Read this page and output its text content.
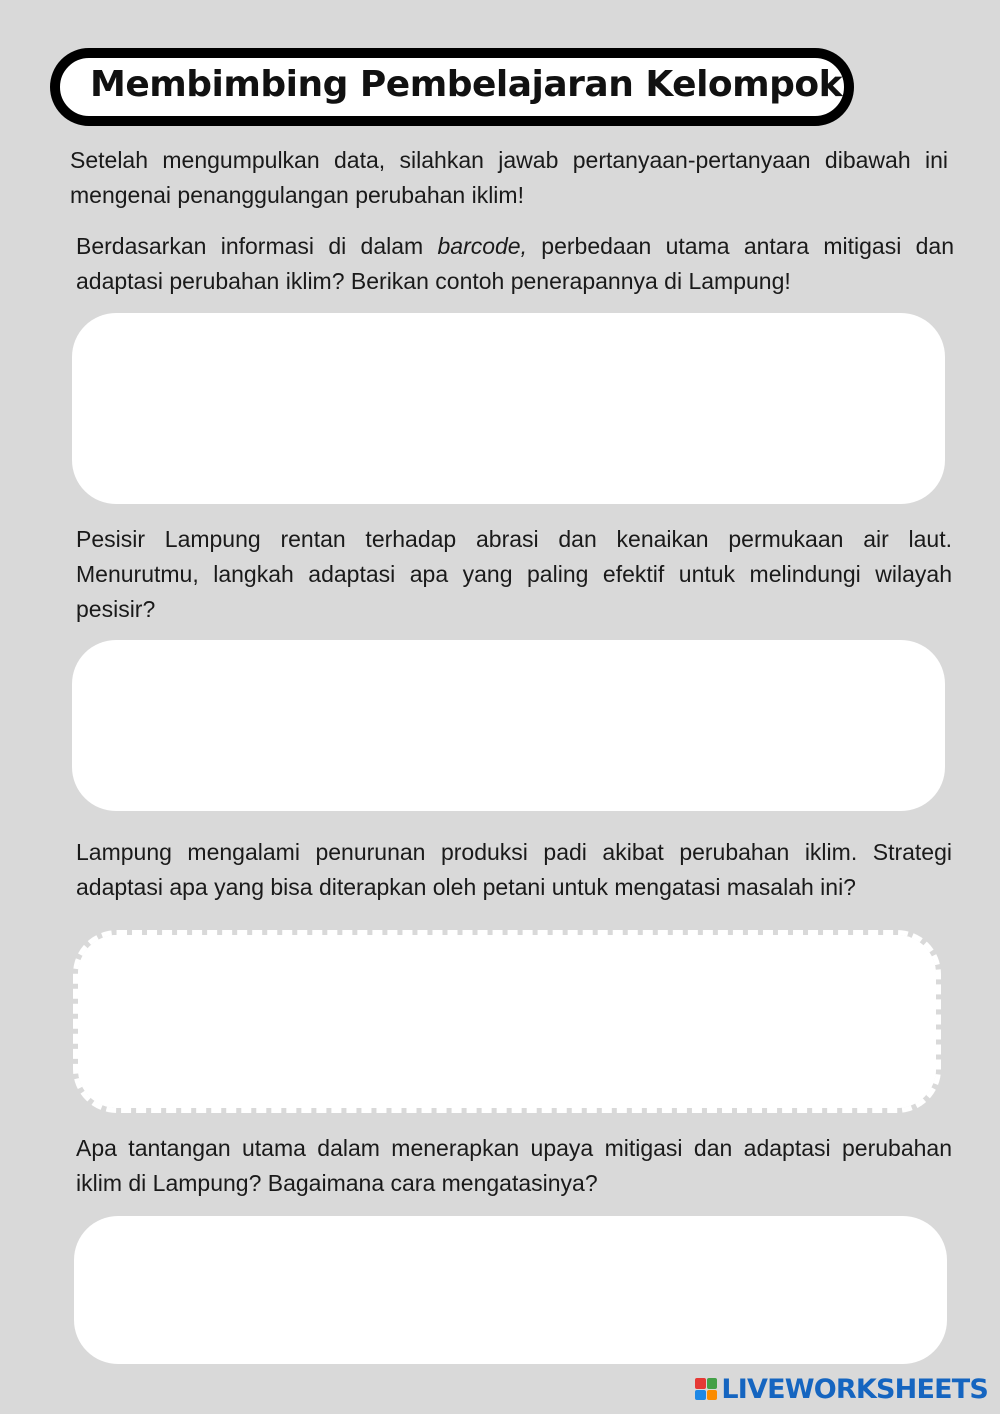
Membimbing Pembelajaran Kelompok

Setelah mengumpulkan data, silahkan jawab pertanyaan-pertanyaan dibawah ini mengenai penanggulangan perubahan iklim!

Berdasarkan informasi di dalam barcode, perbedaan utama antara mitigasi dan adaptasi perubahan iklim? Berikan contoh penerapannya di Lampung!

Pesisir Lampung rentan terhadap abrasi dan kenaikan permukaan air laut. Menurutmu, langkah adaptasi apa yang paling efektif untuk melindungi wilayah pesisir?

Lampung mengalami penurunan produksi padi akibat perubahan iklim. Strategi adaptasi apa yang bisa diterapkan oleh petani untuk mengatasi masalah ini?

Apa tantangan utama dalam menerapkan upaya mitigasi dan adaptasi perubahan iklim di Lampung? Bagaimana cara mengatasinya?

LIVEWORKSHEETS
